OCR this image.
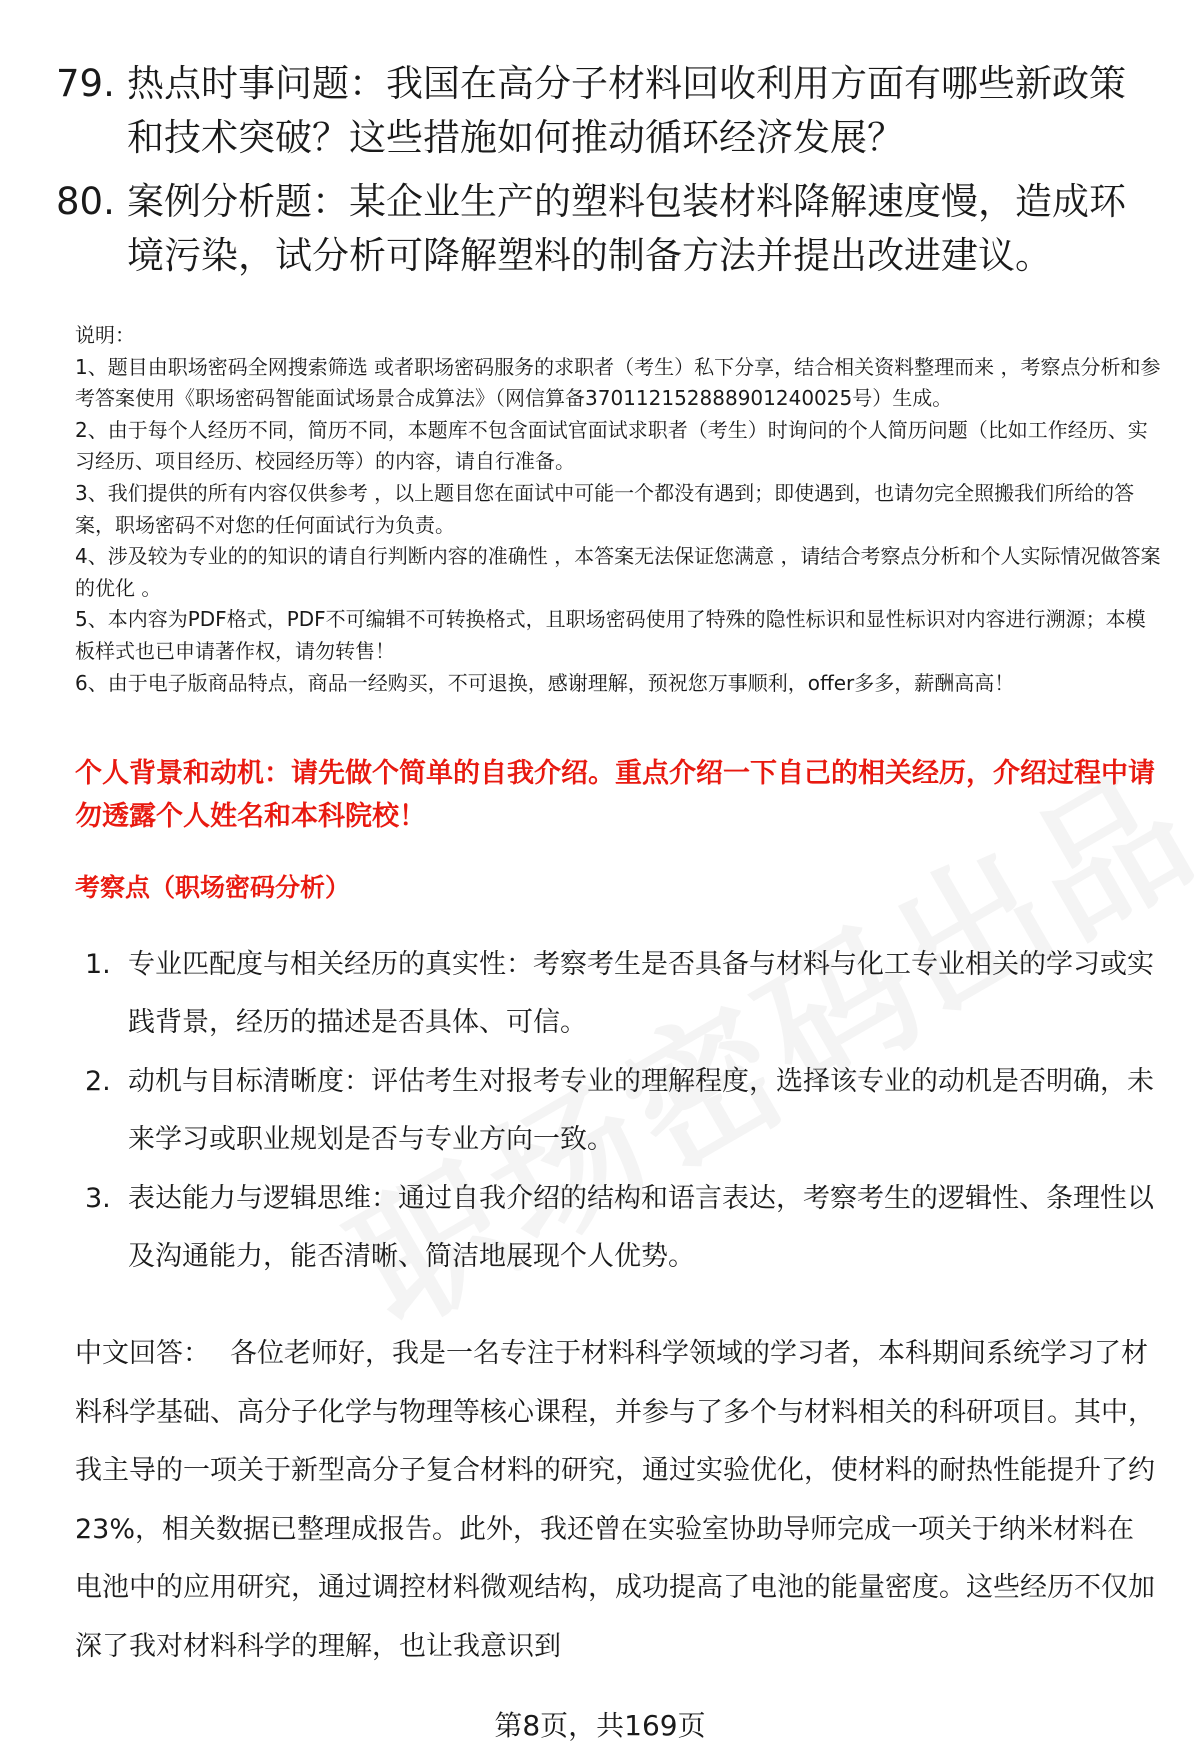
79. 热点时事问题：我国在高分子材料回收利用方面有哪些新政策和技术突破？这些措施如何推动循环经济发展？
80. 案例分析题：某企业生产的塑料包装材料降解速度慢，造成环境污染，试分析可降解塑料的制备方法并提出改进建议。

说明：

1、题目由职场密码全网搜索筛选 或者职场密码服务的求职者（考生）私下分享，结合相关资料整理而来 ，考察点分析和参考答案使用《职场密码智能面试场景合成算法》（网信算备370112152888901240025号）生成。

2、由于每个人经历不同，简历不同，本题库不包含面试官面试求职者（考生）时询问的个人简历问题（比如工作经历、实习经历、项目经历、校园经历等）的内容，请自行准备。

3、我们提供的所有内容仅供参考 ，以上题目您在面试中可能一个都没有遇到；即使遇到，也请勿完全照搬我们所给的答案，职场密码不对您的任何面试行为负责。

4、涉及较为专业的的知识的请自行判断内容的准确性 ，本答案无法保证您满意 ，请结合考察点分析和个人实际情况做答案的优化 。

5、本内容为PDF格式，PDF不可编辑不可转换格式，且职场密码使用了特殊的隐性标识和显性标识对内容进行溯源；本模板样式也已申请著作权，请勿转售！

6、由于电子版商品特点，商品一经购买，不可退换，感谢理解，预祝您万事顺利，offer多多，薪酬高高！

个人背景和动机：请先做个简单的自我介绍。重点介绍一下自己的相关经历，介绍过程中请勿透露个人姓名和本科院校！
考察点（职场密码分析）
1. 专业匹配度与相关经历的真实性：考察考生是否具备与材料与化工专业相关的学习或实践背景，经历的描述是否具体、可信。
2. 动机与目标清晰度：评估考生对报考专业的理解程度，选择该专业的动机是否明确，未来学习或职业规划是否与专业方向一致。
3. 表达能力与逻辑思维：通过自我介绍的结构和语言表达，考察考生的逻辑性、条理性以及沟通能力，能否清晰、简洁地展现个人优势。
中文回答： 各位老师好，我是一名专注于材料科学领域的学习者，本科期间系统学习了材料科学基础、高分子化学与物理等核心课程，并参与了多个与材料相关的科研项目。其中，我主导的一项关于新型高分子复合材料的研究，通过实验优化，使材料的耐热性能提升了约23%，相关数据已整理成报告。此外，我还曾在实验室协助导师完成一项关于纳米材料在电池中的应用研究，通过调控材料微观结构，成功提高了电池的能量密度。这些经历不仅加深了我对材料科学的理解，也让我意识到
第8页，共169页
